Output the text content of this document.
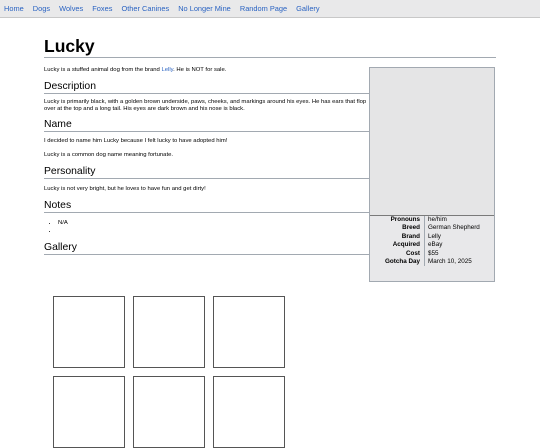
Home Dogs Wolves Foxes Other Canines No Longer Mine Random Page Gallery
Lucky
Lucky is a stuffed animal dog from the brand Lelly. He is NOT for sale.
Description

Lucky is primarily black, with a golden brown underside, paws, cheeks, and markings around his eyes. He has ears that flop over at the top and a long tail. His eyes are dark brown and his nose is black.

Name

I decided to name him Lucky because I felt lucky to have adopted him!

Lucky is a common dog name meaning fortunate.

Personality

Lucky is not very bright, but he loves to have fun and get dirty!

Notes
• N/A
•
Gallery
Pronouns	he/him
Breed	German Shepherd
Brand	Lelly
Acquired	eBay
Cost	$55
Gotcha Day	March 10, 2025
